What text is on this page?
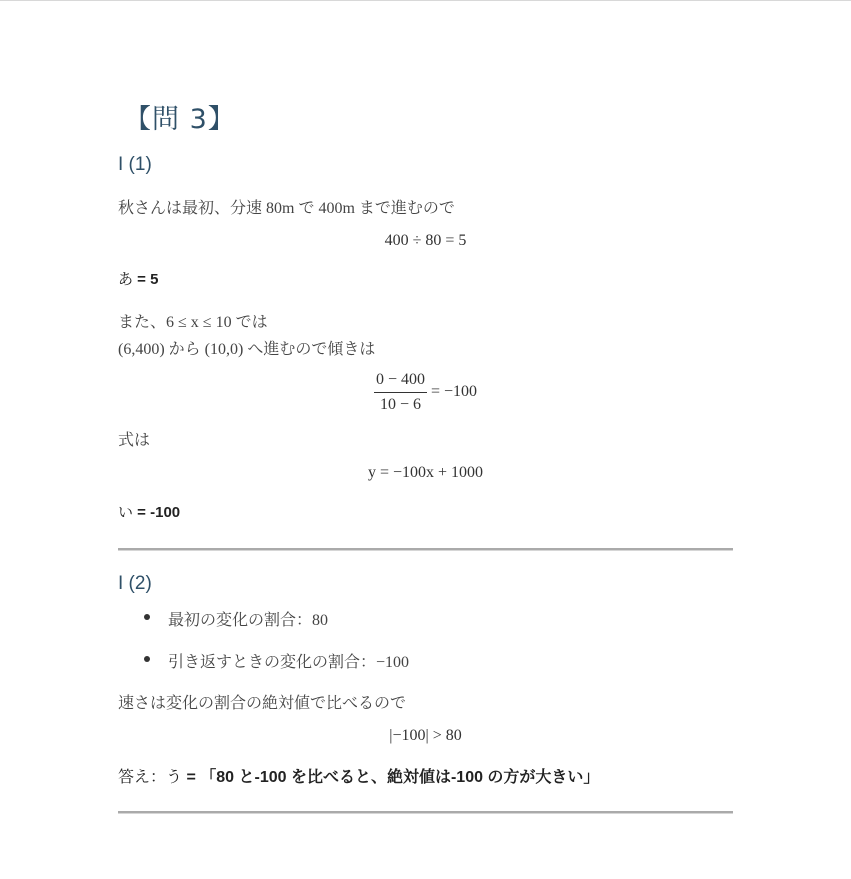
【問 3】
I (1)
秋さんは最初、分速 80m で 400m まで進むので
400 ÷ 80 = 5
あ = 5
また、6 ≤ x ≤ 10 では
(6,400) から (10,0) へ進むので傾きは
$\frac{0 - 400}{10 - 6} = -100$
式は
y = −100x + 1000
い = -100
I (2)
最初の変化の割合：80
引き返すときの変化の割合：−100
速さは変化の割合の絶対値で比べるので
|−100| > 80
答え：う = 「80 と-100 を比べると、絶対値は-100 の方が大きい」
